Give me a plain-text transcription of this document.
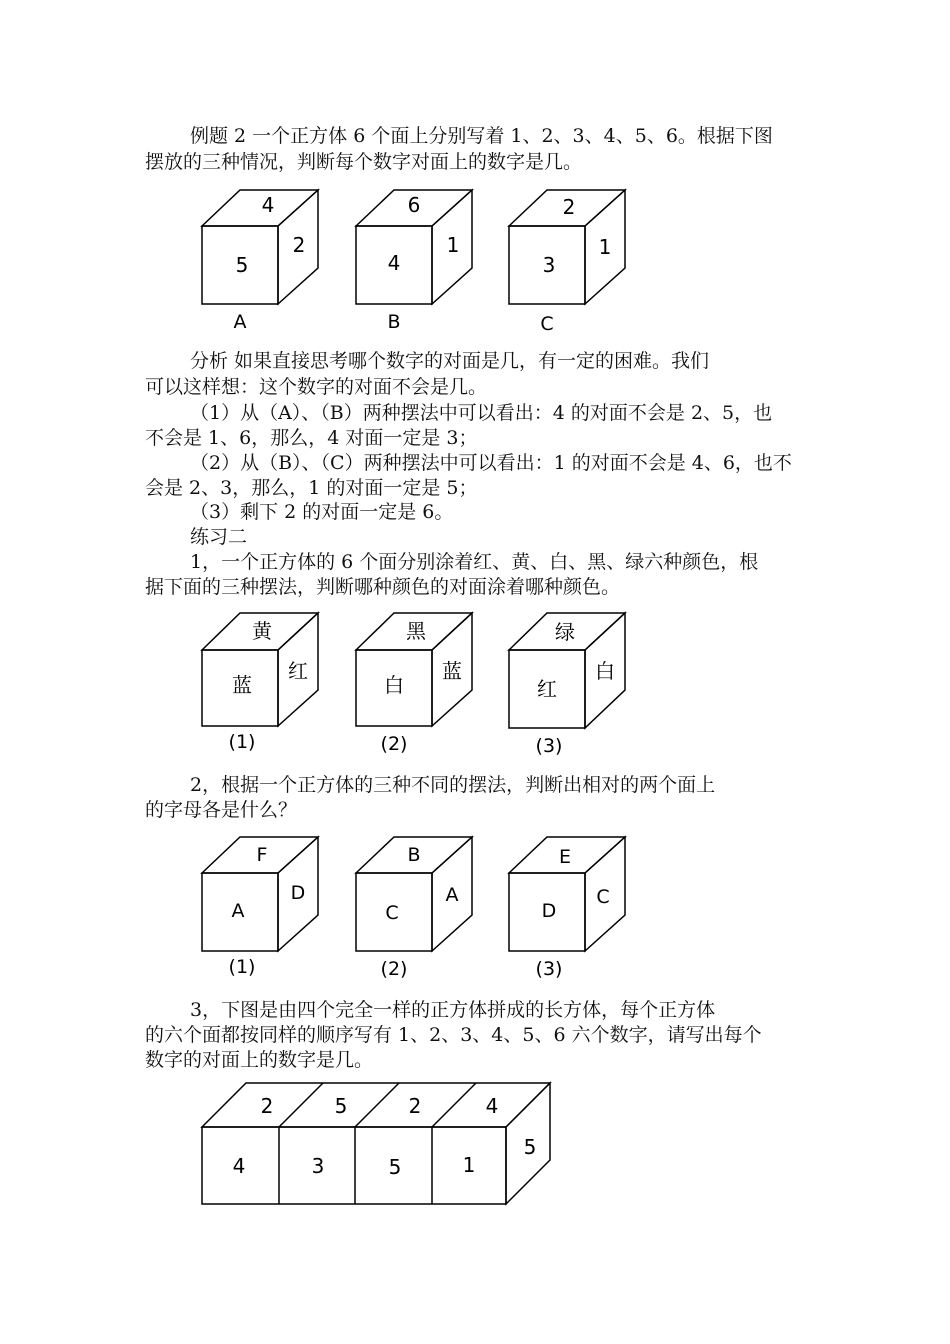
例题 2 一个正方体 6 个面上分别写着 1、2、3、4、5、6。根据下图
摆放的三种情况，判断每个数字对面上的数字是几。
4
5
2
A
6
4
1
B
2
3
1
C
分析 如果直接思考哪个数字的对面是几，有一定的困难。我们
可以这样想：这个数字的对面不会是几。
（1）从（A）、（B）两种摆法中可以看出：4 的对面不会是 2、5，也
不会是 1、6，那么，4 对面一定是 3；
（2）从（B）、（C）两种摆法中可以看出：1 的对面不会是 4、6，也不
会是 2、3，那么，1 的对面一定是 5；
（3）剩下 2 的对面一定是 6。
练习二
1，一个正方体的 6 个面分别涂着红、黄、白、黑、绿六种颜色，根
据下面的三种摆法，判断哪种颜色的对面涂着哪种颜色。
黄
蓝
红
(1)
黑
白
蓝
(2)
绿
红
白
(3)
2，根据一个正方体的三种不同的摆法，判断出相对的两个面上
的字母各是什么？
F
A
D
(1)
B
C
A
(2)
E
D
C
(3)
3，下图是由四个完全一样的正方体拼成的长方体，每个正方体
的六个面都按同样的顺序写有 1、2、3、4、5、6 六个数字，请写出每个
数字的对面上的数字是几。
2	5	2	4
4	3	5	1
5
